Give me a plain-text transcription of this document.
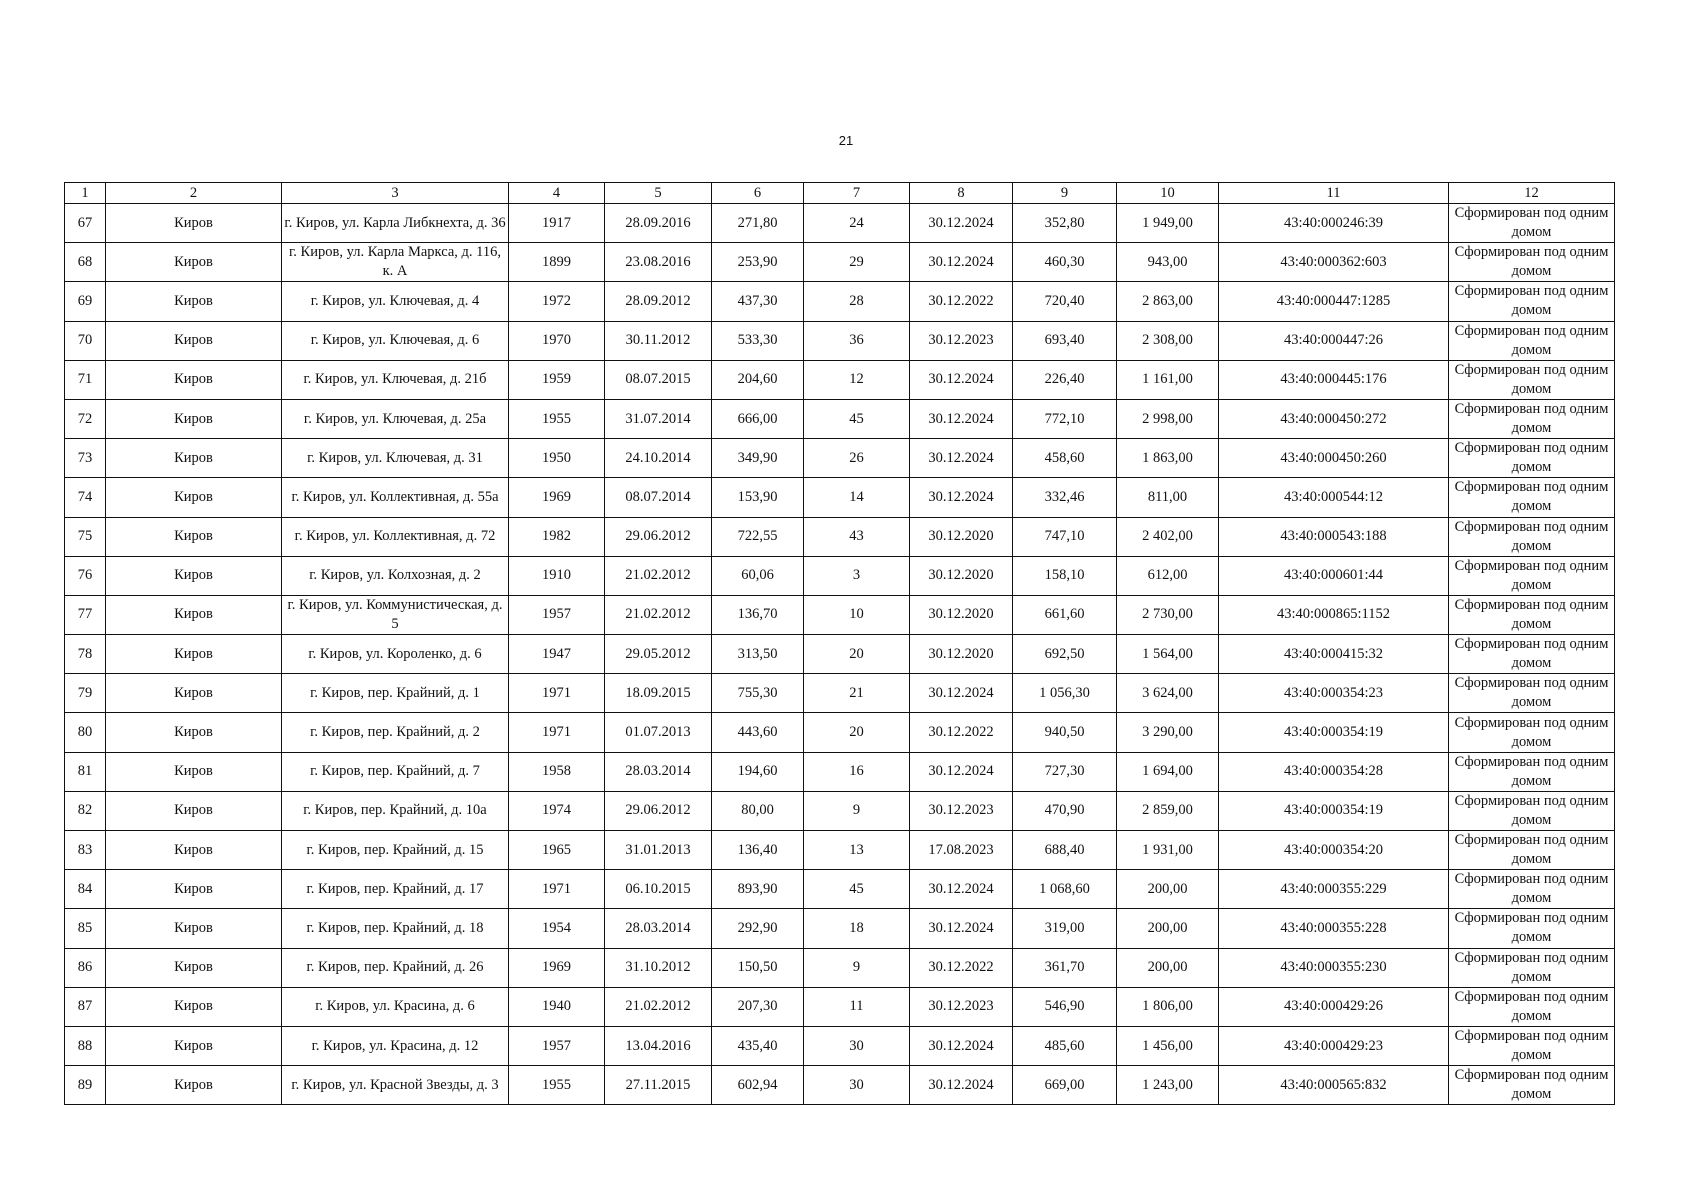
21
1	2	3	4	5	6	7	8	9	10	11	12
67	Киров	г. Киров, ул. Карла Либкнехта, д. 36	1917	28.09.2016	271,80	24	30.12.2024	352,80	1 949,00	43:40:000246:39	Сформирован под одним домом
68	Киров	г. Киров, ул. Карла Маркса, д. 116, к. А	1899	23.08.2016	253,90	29	30.12.2024	460,30	943,00	43:40:000362:603	Сформирован под одним домом
69	Киров	г. Киров, ул. Ключевая, д. 4	1972	28.09.2012	437,30	28	30.12.2022	720,40	2 863,00	43:40:000447:1285	Сформирован под одним домом
70	Киров	г. Киров, ул. Ключевая, д. 6	1970	30.11.2012	533,30	36	30.12.2023	693,40	2 308,00	43:40:000447:26	Сформирован под одним домом
71	Киров	г. Киров, ул. Ключевая, д. 21б	1959	08.07.2015	204,60	12	30.12.2024	226,40	1 161,00	43:40:000445:176	Сформирован под одним домом
72	Киров	г. Киров, ул. Ключевая, д. 25а	1955	31.07.2014	666,00	45	30.12.2024	772,10	2 998,00	43:40:000450:272	Сформирован под одним домом
73	Киров	г. Киров, ул. Ключевая, д. 31	1950	24.10.2014	349,90	26	30.12.2024	458,60	1 863,00	43:40:000450:260	Сформирован под одним домом
74	Киров	г. Киров, ул. Коллективная, д. 55а	1969	08.07.2014	153,90	14	30.12.2024	332,46	811,00	43:40:000544:12	Сформирован под одним домом
75	Киров	г. Киров, ул. Коллективная, д. 72	1982	29.06.2012	722,55	43	30.12.2020	747,10	2 402,00	43:40:000543:188	Сформирован под одним домом
76	Киров	г. Киров, ул. Колхозная, д. 2	1910	21.02.2012	60,06	3	30.12.2020	158,10	612,00	43:40:000601:44	Сформирован под одним домом
77	Киров	г. Киров, ул. Коммунистическая, д. 5	1957	21.02.2012	136,70	10	30.12.2020	661,60	2 730,00	43:40:000865:1152	Сформирован под одним домом
78	Киров	г. Киров, ул. Короленко, д. 6	1947	29.05.2012	313,50	20	30.12.2020	692,50	1 564,00	43:40:000415:32	Сформирован под одним домом
79	Киров	г. Киров, пер. Крайний, д. 1	1971	18.09.2015	755,30	21	30.12.2024	1 056,30	3 624,00	43:40:000354:23	Сформирован под одним домом
80	Киров	г. Киров, пер. Крайний, д. 2	1971	01.07.2013	443,60	20	30.12.2022	940,50	3 290,00	43:40:000354:19	Сформирован под одним домом
81	Киров	г. Киров, пер. Крайний, д. 7	1958	28.03.2014	194,60	16	30.12.2024	727,30	1 694,00	43:40:000354:28	Сформирован под одним домом
82	Киров	г. Киров, пер. Крайний, д. 10а	1974	29.06.2012	80,00	9	30.12.2023	470,90	2 859,00	43:40:000354:19	Сформирован под одним домом
83	Киров	г. Киров, пер. Крайний, д. 15	1965	31.01.2013	136,40	13	17.08.2023	688,40	1 931,00	43:40:000354:20	Сформирован под одним домом
84	Киров	г. Киров, пер. Крайний, д. 17	1971	06.10.2015	893,90	45	30.12.2024	1 068,60	200,00	43:40:000355:229	Сформирован под одним домом
85	Киров	г. Киров, пер. Крайний, д. 18	1954	28.03.2014	292,90	18	30.12.2024	319,00	200,00	43:40:000355:228	Сформирован под одним домом
86	Киров	г. Киров, пер. Крайний, д. 26	1969	31.10.2012	150,50	9	30.12.2022	361,70	200,00	43:40:000355:230	Сформирован под одним домом
87	Киров	г. Киров, ул. Красина, д. 6	1940	21.02.2012	207,30	11	30.12.2023	546,90	1 806,00	43:40:000429:26	Сформирован под одним домом
88	Киров	г. Киров, ул. Красина, д. 12	1957	13.04.2016	435,40	30	30.12.2024	485,60	1 456,00	43:40:000429:23	Сформирован под одним домом
89	Киров	г. Киров, ул. Красной Звезды, д. 3	1955	27.11.2015	602,94	30	30.12.2024	669,00	1 243,00	43:40:000565:832	Сформирован под одним домом
